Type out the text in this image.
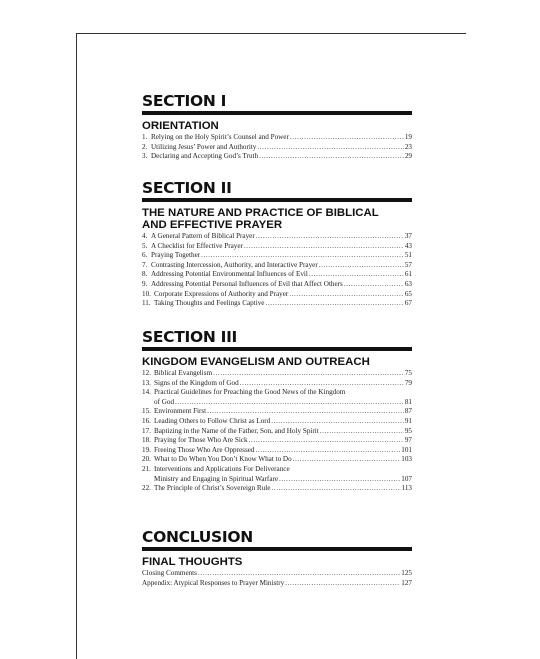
SECTION I
ORIENTATION
1. Relying on the Holy Spirit’s Counsel and Power .....	19
2. Utilizing Jesus’ Power and Authority .....	23
3. Declaring and Accepting God’s Truth .....	29
SECTION II
THE NATURE AND PRACTICE OF BIBLICAL
AND EFFECTIVE PRAYER
4. A General Pattern of Biblical Prayer .....	37
5. A Checklist for Effective Prayer .....	43
6. Praying Together .....	51
7. Contrasting Intercession, Authority, and Interactive Prayer .....	57
8. Addressing Potential Environmental Influences of Evil .....	61
9. Addressing Potential Personal Influences of Evil that Affect Others .....	63
10. Corporate Expressions of Authority and Prayer .....	65
11. Taking Thoughts and Feelings Captive .....	67
SECTION III
KINGDOM EVANGELISM AND OUTREACH
12. Biblical Evangelism .....	75
13. Signs of the Kingdom of God .....	79
14. Practical Guidelines for Preaching the Good News of the Kingdom
of God .....	81
15. Environment First .....	87
16. Leading Others to Follow Christ as Lord .....	91
17. Baptizing in the Name of the Father, Son, and Holy Spirit .....	95
18. Praying for Those Who Are Sick .....	97
19. Freeing Those Who Are Oppressed .....	101
20. What to Do When You Don’t Know What to Do .....	103
21. Interventions and Applications For Deliverance
Ministry and Engaging in Spiritual Warfare .....	107
22. The Principle of Christ’s Sovereign Rule .....	113
CONCLUSION
FINAL THOUGHTS
Closing Comments .....	125
Appendix: Atypical Responses to Prayer Ministry .....	127
